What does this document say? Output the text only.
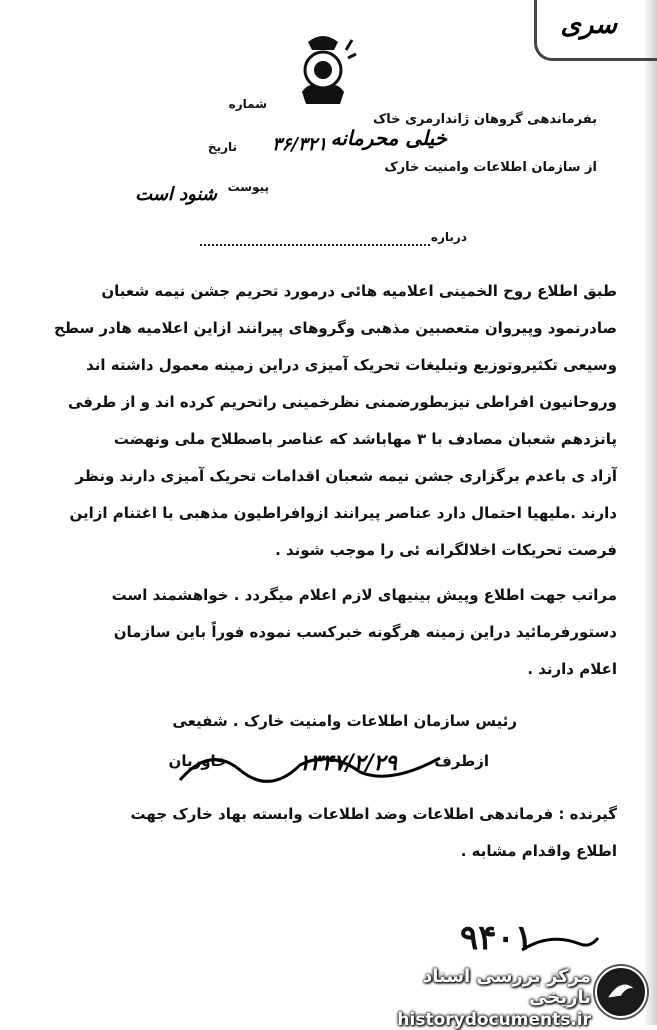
سری
شماره
بفرماندهی گروهان ژاندارمری خاک
خیلی محرمانه
تاریخ ۳۶/۳۲۱
از سازمان اطلاعات وامنیت خارک
پیوست
شنود است
درباره
طبق اطلاع روح الخمینی اعلامیه هائی درمورد تحریم جشن نیمه شعبان
صادرنمود وپیروان متعصبین مذهبی وگروهای پیرانند ازاین اعلامیه هادر سطح
وسیعی تکثیروتوزیع وتبلیغات تحریک آمیزی دراین زمینه معمول داشته اند
وروحانیون افراطی نیزبطورضمنی نظرخمینی راتحریم کرده اند و از طرفی
پانزدهم شعبان مصادف با ۳ مهاباشد که عناصر باصطلاح ملی ونهضت
آزاد ی باعدم برگزاری جشن نیمه شعبان اقدامات تحریک آمیزی دارند ونظر
دارند .ملیهیا احتمال دارد عناصر پیرانند ازوافراطیون مذهبی با اغتنام ازاین
فرصت تحریکات اخلالگرانه ئی را موجب شوند .
مراتب جهت اطلاع وپیش بینیهای لازم اعلام میگردد . خواهشمند است
دستورفرمائید دراین زمینه هرگونه خبرکسب نموده فوراً باین سازمان
اعلام دارند .
رئیس سازمان اطلاعات وامنیت خارک . شفیعی
ازطرف
۱۳۴۷/۲/۲۹
خاوریان
گیرنده : فرماندهی اطلاعات وضد اطلاعات وابسته بهاد خارک جهت
اطلاع واقدام مشابه .
۹۴۰۱
مرکز بررسی اسناد تاریخی
historydocuments.ir
